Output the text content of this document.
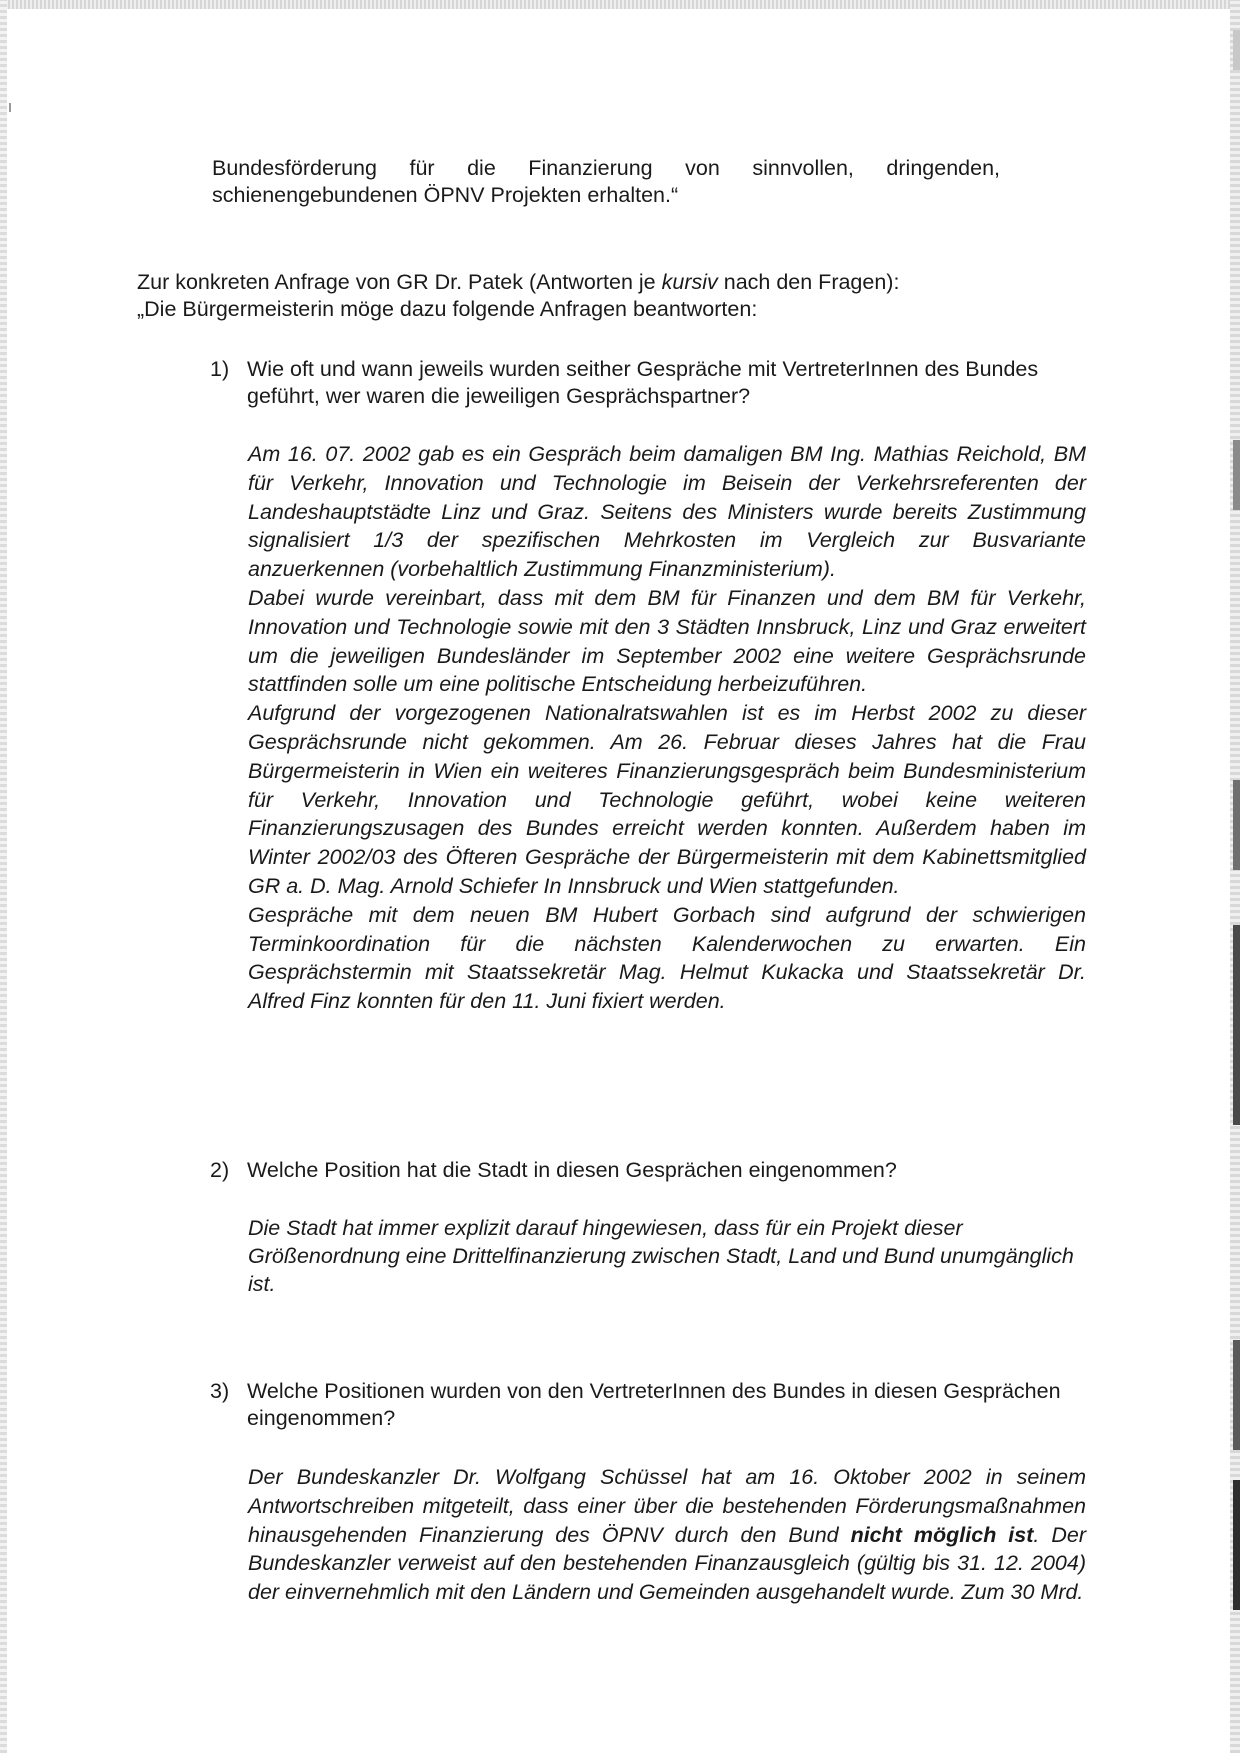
Bundesförderung für die Finanzierung von sinnvollen, dringenden, schienengebundenen ÖPNV Projekten erhalten.“
Zur konkreten Anfrage von GR Dr. Patek (Antworten je kursiv nach den Fragen):
„Die Bürgermeisterin möge dazu folgende Anfragen beantworten:
1) Wie oft und wann jeweils wurden seither Gespräche mit VertreterInnen des Bundes geführt, wer waren die jeweiligen Gesprächspartner?

Am 16. 07. 2002 gab es ein Gespräch beim damaligen BM Ing. Mathias Reichold, BM für Verkehr, Innovation und Technologie im Beisein der Verkehrsreferenten der Landeshauptstädte Linz und Graz. Seitens des Ministers wurde bereits Zustimmung signalisiert 1/3 der spezifischen Mehrkosten im Vergleich zur Busvariante anzuerkennen (vorbehaltlich Zustimmung Finanzministerium).

Dabei wurde vereinbart, dass mit dem BM für Finanzen und dem BM für Verkehr, Innovation und Technologie sowie mit den 3 Städten Innsbruck, Linz und Graz erweitert um die jeweiligen Bundesländer im September 2002 eine weitere Gesprächsrunde stattfinden solle um eine politische Entscheidung herbeizuführen.

Aufgrund der vorgezogenen Nationalratswahlen ist es im Herbst 2002 zu dieser Gesprächsrunde nicht gekommen. Am 26. Februar dieses Jahres hat die Frau Bürgermeisterin in Wien ein weiteres Finanzierungsgespräch beim Bundesministerium für Verkehr, Innovation und Technologie geführt, wobei keine weiteren Finanzierungszusagen des Bundes erreicht werden konnten. Außerdem haben im Winter 2002/03 des Öfteren Gespräche der Bürgermeisterin mit dem Kabinettsmitglied GR a. D. Mag. Arnold Schiefer In Innsbruck und Wien stattgefunden.

Gespräche mit dem neuen BM Hubert Gorbach sind aufgrund der schwierigen Terminkoordination für die nächsten Kalenderwochen zu erwarten. Ein Gesprächstermin mit Staatssekretär Mag. Helmut Kukacka und Staatssekretär Dr. Alfred Finz konnten für den 11. Juni fixiert werden.

2) Welche Position hat die Stadt in diesen Gesprächen eingenommen?

Die Stadt hat immer explizit darauf hingewiesen, dass für ein Projekt dieser Größenordnung eine Drittelfinanzierung zwischen Stadt, Land und Bund unumgänglich ist.

3) Welche Positionen wurden von den VertreterInnen des Bundes in diesen Gesprächen eingenommen?

Der Bundeskanzler Dr. Wolfgang Schüssel hat am 16. Oktober 2002 in seinem Antwortschreiben mitgeteilt, dass einer über die bestehenden Förderungsmaßnahmen hinausgehenden Finanzierung des ÖPNV durch den Bund nicht möglich ist. Der Bundeskanzler verweist auf den bestehenden Finanzausgleich (gültig bis 31. 12. 2004) der einvernehmlich mit den Ländern und Gemeinden ausgehandelt wurde. Zum 30 Mrd.
